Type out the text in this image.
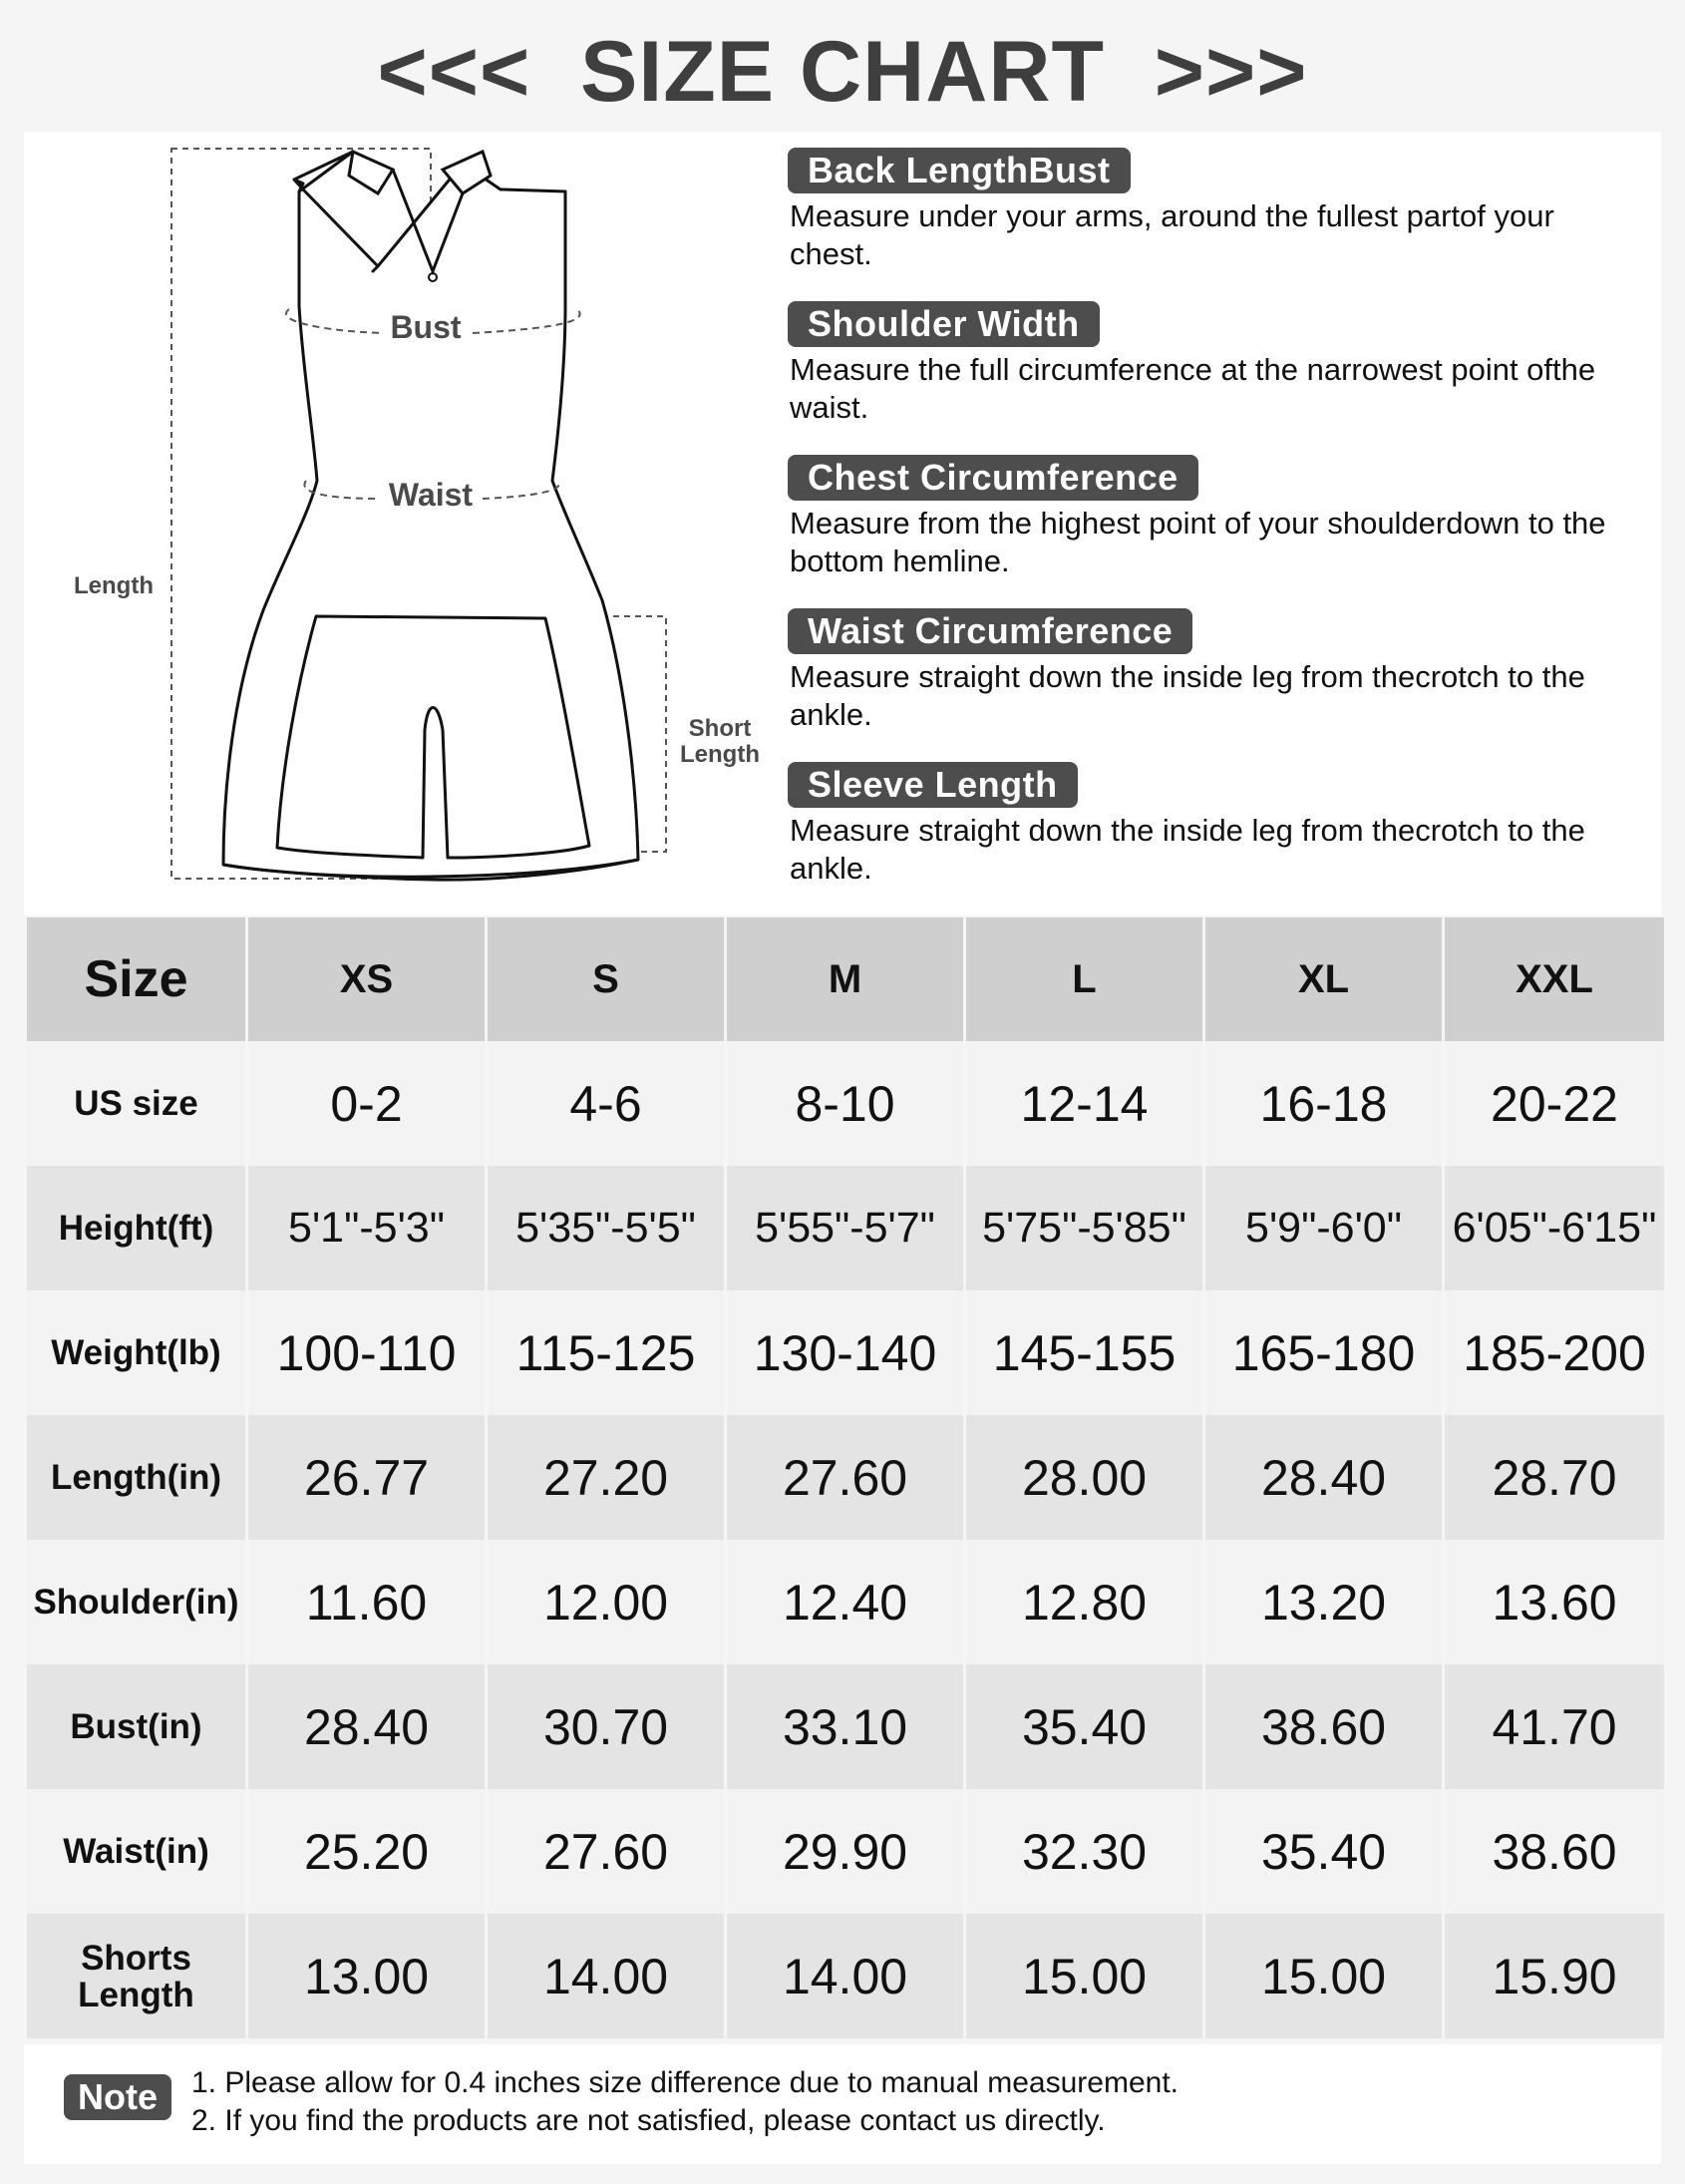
<<<  SIZE CHART  >>>
Bust
Waist
Length
Short
Length
Back LengthBust
Measure under your arms, around the fullest partof your chest.
Shoulder Width
Measure the full circumference at the narrowest point ofthe waist.
Chest Circumference
Measure from the highest point of your shoulderdown to the bottom hemline.
Waist Circumference
Measure straight down the inside leg from thecrotch to the ankle.
Sleeve Length
Measure straight down the inside leg from thecrotch to the ankle.
Size	XS	S	M	L	XL	XXL
US size	0-2	4-6	8-10	12-14	16-18	20-22
Height(ft)	5'1"-5'3"	5'35"-5'5"	5'55"-5'7"	5'75"-5'85"	5'9"-6'0"	6'05"-6'15"
Weight(lb)	100-110	115-125	130-140	145-155	165-180	185-200
Length(in)	26.77	27.20	27.60	28.00	28.40	28.70
Shoulder(in)	11.60	12.00	12.40	12.80	13.20	13.60
Bust(in)	28.40	30.70	33.10	35.40	38.60	41.70
Waist(in)	25.20	27.60	29.90	32.30	35.40	38.60
Shorts Length	13.00	14.00	14.00	15.00	15.00	15.90
Note	1. Please allow for 0.4 inches size difference due to manual measurement.
2. If you find the products are not satisfied, please contact us directly.
